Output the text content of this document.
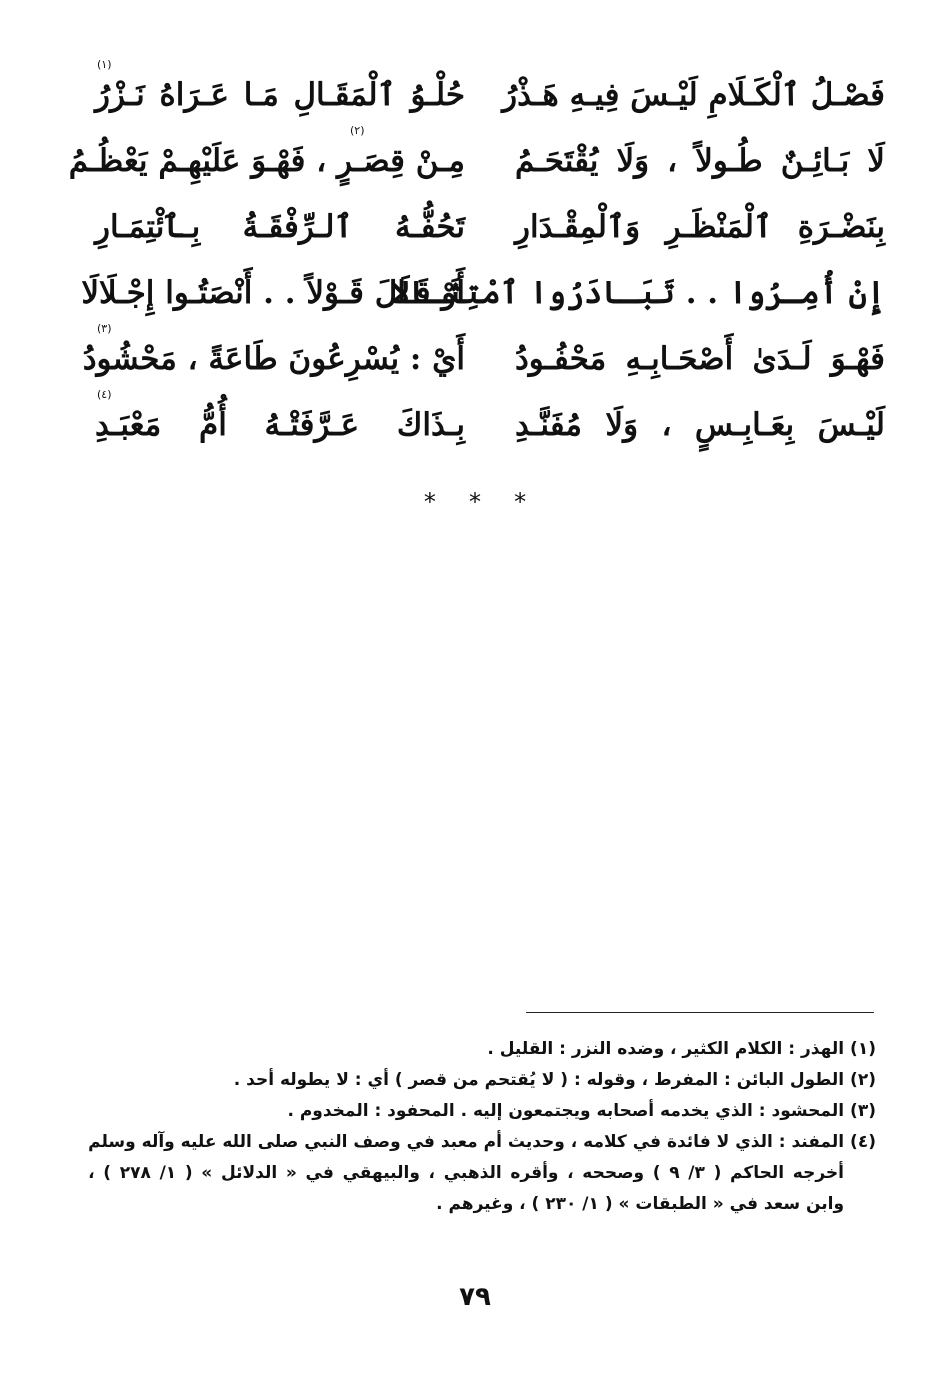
فَصْـلُ ٱلْكَـلَامِ لَيْـسَ فِيـهِ هَـذْرُ
حُلْـوُ ٱلْمَقَـالِ مَـا عَـرَاهُ نَـزْرُ
(١)
لَا بَـائِـنٌ طُـولاً ، وَلَا يُقْتَحَـمُ
مِـنْ قِصَـرٍ ، فَهْـوَ عَلَيْهِـمْ يَعْظُـمُ
(٢)
بِنَضْـرَةِ ٱلْمَنْظَـرِ وَٱلْمِقْـدَارِ
تَحُفُّـهُ ٱلـرِّفْقَـةُ بِـٱئْتِمَـارِ
إِنْ أُمِـرُوا . . تَبَـادَرُوا ٱمْتِثَـالَا
أَوْ قَـالَ قَـوْلاً . . أَنْصَتُـوا إِجْـلَالَا
فَهْـوَ لَـدَىٰ أَصْحَـابِـهِ مَحْفُـودُ
أَيْ : يُسْرِعُونَ طَاعَةً ، مَحْشُودُ
(٣)
لَيْـسَ بِعَـابِـسٍ ، وَلَا مُفَنَّـدِ
بِـذَاكَ عَـرَّفَتْـهُ أُمُّ مَعْبَـدِ
(٤)
* * *
(١)
الهذر : الكلام الكثير ، وضده النزر : القليل .
(٢)
الطول البائن : المفرط ، وقوله : ( لا يُقتحم من قصر ) أي : لا يطوله أحد .
(٣)
المحشود : الذي يخدمه أصحابه ويجتمعون إليه . المحفود : المخدوم .
(٤)
المفند : الذي لا فائدة في كلامه ، وحديث أم معبد في وصف النبي صلى الله عليه وآله وسلم
أخرجه الحاكم ( ٣/ ٩ ) وصححه ، وأقره الذهبي ، والبيهقي في « الدلائل » ( ١/ ٢٧٨ ) ،
وابن سعد في « الطبقات » ( ١/ ٢٣٠ ) ، وغيرهم .
٧٩
